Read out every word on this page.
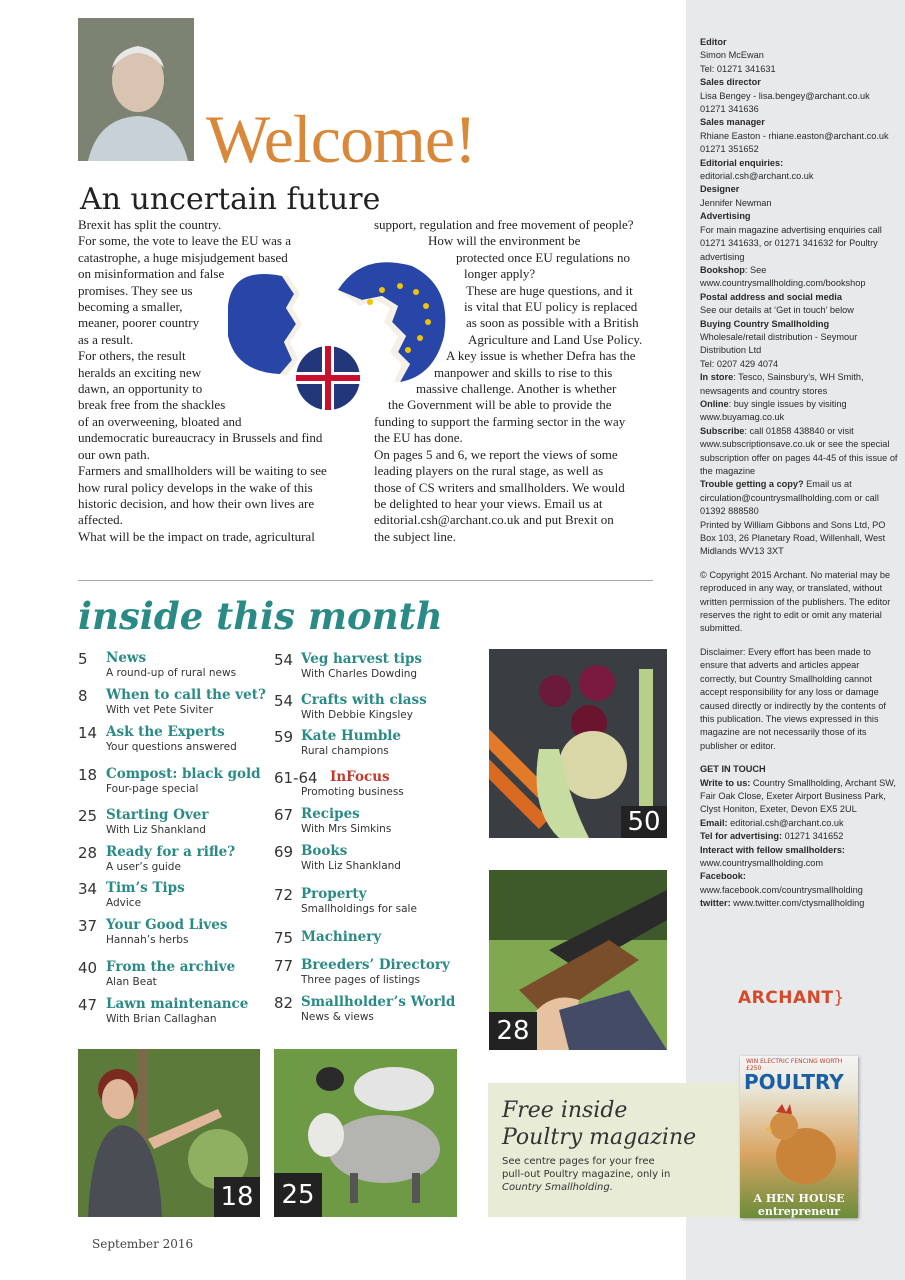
Editor
Simon McEwan

Tel: 01271 341631

Sales director
Lisa Bengey - lisa.bengey@archant.co.uk

01271 341636

Sales manager
Rhiane Easton - rhiane.easton@archant.co.uk

01271 351652

Editorial enquiries:
editorial.csh@archant.co.uk

Designer
Jennifer Newman

Advertising
For main magazine advertising enquiries call 01271 341633, or 01271 341632 for Poultry advertising

Bookshop: See www.countrysmallholding.com/bookshop

Postal address and social media
See our details at ‘Get in touch’ below

Buying Country Smallholding
Wholesale/retail distribution - Seymour Distribution Ltd

Tel: 0207 429 4074

In store: Tesco, Sainsbury’s, WH Smith, newsagents and country stores

Online: buy single issues by visiting www.buyamag.co.uk

Subscribe: call 01858 438840 or visit www.subscriptionsave.co.uk or see the special subscription offer on pages 44-45 of this issue of the magazine

Trouble getting a copy? Email us at circulation@countrysmallholding.com or call 01392 888580

Printed by William Gibbons and Sons Ltd, PO Box 103, 26 Planetary Road, Willenhall, West Midlands WV13 3XT

© Copyright 2015 Archant. No material may be reproduced in any way, or translated, without written permission of the publishers. The editor reserves the right to edit or omit any material submitted.

Disclaimer: Every effort has been made to ensure that adverts and articles appear correctly, but Country Smallholding cannot accept responsibility for any loss or damage caused directly or indirectly by the contents of this publication. The views expressed in this magazine are not necessarily those of its publisher or editor.

GET IN TOUCH

Write to us: Country Smallholding, Archant SW, Fair Oak Close, Exeter Airport Business Park, Clyst Honiton, Exeter, Devon EX5 2UL

Email: editorial.csh@archant.co.uk

Tel for advertising: 01271 341652

Interact with fellow smallholders:
www.countrysmallholding.com

Facebook: www.facebook.com/countrysmallholding

twitter: www.twitter.com/ctysmallholding

ARCHANT}
Welcome!
An uncertain future

Brexit has split the country.

For some, the vote to leave the EU was a

catastrophe, a huge misjudgement based

on misinformation and false

promises. They see us

becoming a smaller,

meaner, poorer country

as a result.

For others, the result

heralds an exciting new

dawn, an opportunity to

break free from the shackles

of an overweening, bloated and

undemocratic bureaucracy in Brussels and find

our own path.

Farmers and smallholders will be waiting to see

how rural policy develops in the wake of this

historic decision, and how their own lives are

affected.

What will be the impact on trade, agricultural

support, regulation and free movement of people?

How will the environment be

protected once EU regulations no

longer apply?

These are huge questions, and it

is vital that EU policy is replaced

as soon as possible with a British

Agriculture and Land Use Policy.

A key issue is whether Defra has the

manpower and skills to rise to this

massive challenge. Another is whether

the Government will be able to provide the

funding to support the farming sector in the way

the EU has done.

On pages 5 and 6, we report the views of some

leading players on the rural stage, as well as

those of CS writers and smallholders. We would

be delighted to hear your views. Email us at

editorial.csh@archant.co.uk and put Brexit on

the subject line.

inside this month
5 News
A round-up of rural news
8 When to call the vet?
With vet Pete Siviter
14 Ask the Experts
Your questions answered
18 Compost: black gold
Four-page special
25 Starting Over
With Liz Shankland
28 Ready for a rifle?
A user’s guide
34 Tim’s Tips
Advice
37 Your Good Lives
Hannah’s herbs
40 From the archive
Alan Beat
47 Lawn maintenance
With Brian Callaghan
54 Veg harvest tips
With Charles Dowding
54 Crafts with class
With Debbie Kingsley
59 Kate Humble
Rural champions
61-64 InFocus
Promoting business
67 Recipes
With Mrs Simkins
69 Books
With Liz Shankland
72 Property
Smallholdings for sale
75 Machinery
77 Breeders’ Directory
Three pages of listings
82 Smallholder’s World
News & views
50
28
18 25
Free inside
Poultry magazine
See centre pages for your free
pull-out Poultry magazine, only in
Country Smallholding.
WIN ELECTRIC FENCING WORTH £250
POULTRY
A HEN HOUSE entrepreneur
September 2016
